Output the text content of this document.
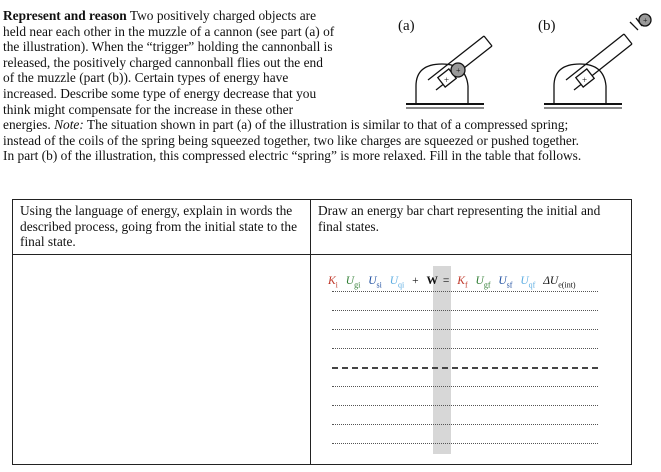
Represent and reason Two positively charged objects are
held near each other in the muzzle of a cannon (see part (a) of
the illustration). When the “trigger” holding the cannonball is
released, the positively charged cannonball flies out the end
of the muzzle (part (b)). Certain types of energy have
increased. Describe some type of energy decrease that you
think might compensate for the increase in these other
energies. Note: The situation shown in part (a) of the illustration is similar to that of a compressed spring;
instead of the coils of the spring being squeezed together, two like charges are squeezed or pushed together.
In part (b) of the illustration, this compressed electric “spring” is more relaxed. Fill in the table that follows.

(a)	(b)
+
+
+
+
Using the language of energy, explain in words the described process, going from the initial state to the final state.	Draw an energy bar chart representing the initial and final states.

	$K_i$ $U_{gi}$ $U_{si}$ $U_{qi} + W = K_f$ $U_{gf}$ $U_{sf}$ $U_{qf}$ $\Delta U_{e(int)}$
